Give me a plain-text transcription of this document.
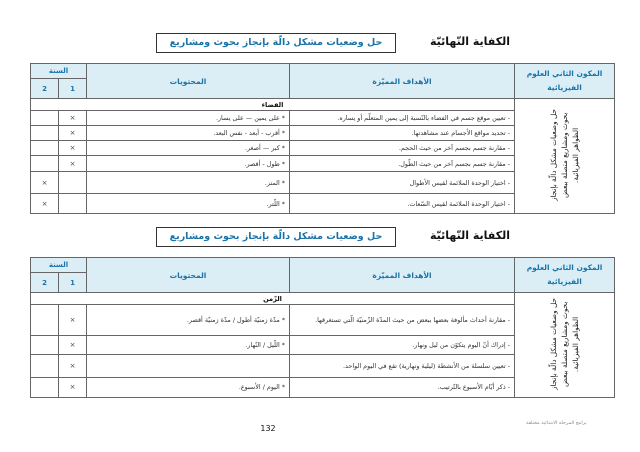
الكفاية النّهائيّة
حل وضعيات مشكل دالّة بإنجاز بحوث ومشاريع
المكون الثاني العلوم الفيزيائية	الأهداف المميّزة	المحتويات	السنة	
			1	2
حل وضعيات مشكل دالّة بإنجاز بحوث ومشاريع متصلة ببعض الظواهر الفيزيائية.	الفضاء			
	- تعيين موقع جسم في الفضاء بالنّسبة إلى يمين المتعلّم أو يساره.	* على يمين — على يسار.	×	
	- تحديد مواقع الأجسام عند مشاهدتها.	* أقرب - أبعد - نفس البعد.	×	
	- مقارنة جسم بجسم آخر من حيث الحجم.	* كبر — أصغر.	×	
	- مقارنة جسم بجسم آخر من حيث الطّول.	* طول - أقصر.	×	
	- اختيار الوحدة الملائمة لقيس الأطوال	* المتر.		×
	- اختيار الوحدة الملائمة لقيس السّعات.	* اللّتر.		×
الكفاية النّهائيّة
حل وضعيات مشكل دالّة بإنجاز بحوث ومشاريع
المكون الثاني العلوم الفيزيائية	الأهداف المميّزة	المحتويات	السنة	
			1	2
حل وضعيات مشكل دالّة بإنجاز بحوث ومشاريع متصلة ببعض الظواهر الفيزيائية.	الزّمن			
	- مقارنة أحداث مألوفة بعضها ببعض من حيث المدّة الزّمنيّة الّتي تستغرقها.	* مدّة زمنيّة أطول / مدّة زمنيّة أقصر.	×	
	- إدراك أنّ اليوم يتكوّن من ليل ونهار.	* اللّيل / النّهار.	×	
	- تعيين سلسلة من الأنشطة (ليلية ونهارية) تقع في اليوم الواحد.		×	
	- ذكر أيّام الأسبوع بالتّرتيب.	* اليوم / الأسبوع.	×	
132
برامج المرحلة الابتدائية مختلفة
